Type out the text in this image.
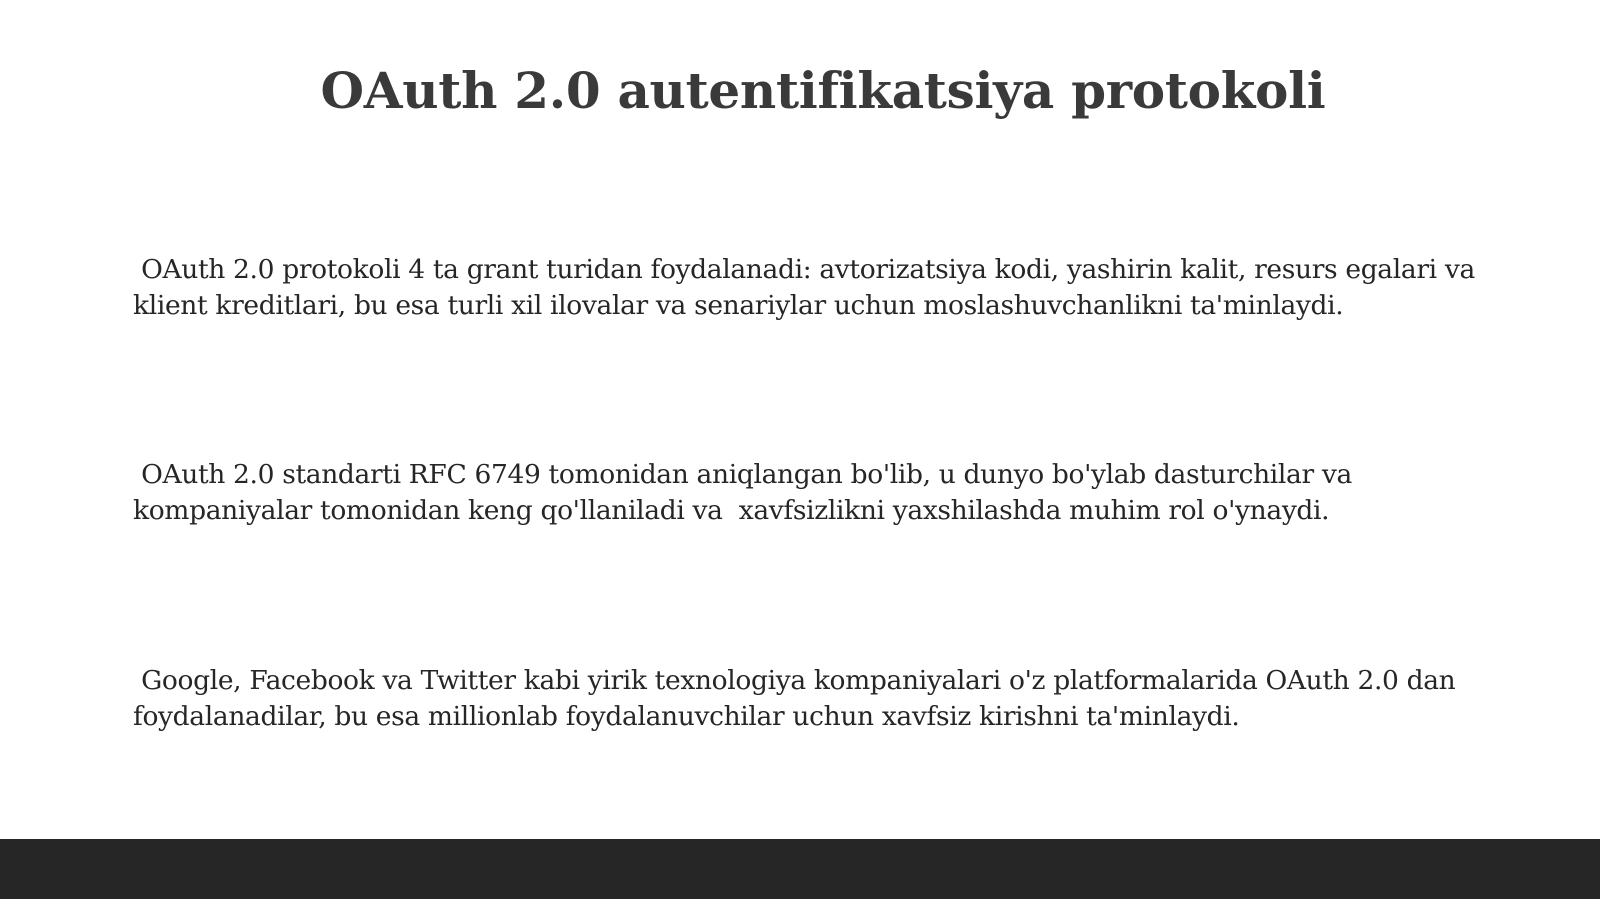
OAuth 2.0 autentifikatsiya protokoli

OAuth 2.0 protokoli 4 ta grant turidan foydalanadi: avtorizatsiya kodi, yashirin kalit, resurs egalari va klient kreditlari, bu esa turli xil ilovalar va senariylar uchun moslashuvchanlikni ta'minlaydi.

OAuth 2.0 standarti RFC 6749 tomonidan aniqlangan bo'lib, u dunyo bo'ylab dasturchilar va kompaniyalar tomonidan keng qo'llaniladi va  xavfsizlikni yaxshilashda muhim rol o'ynaydi.

Google, Facebook va Twitter kabi yirik texnologiya kompaniyalari o'z platformalarida OAuth 2.0 dan foydalanadilar, bu esa millionlab foydalanuvchilar uchun xavfsiz kirishni ta'minlaydi.
